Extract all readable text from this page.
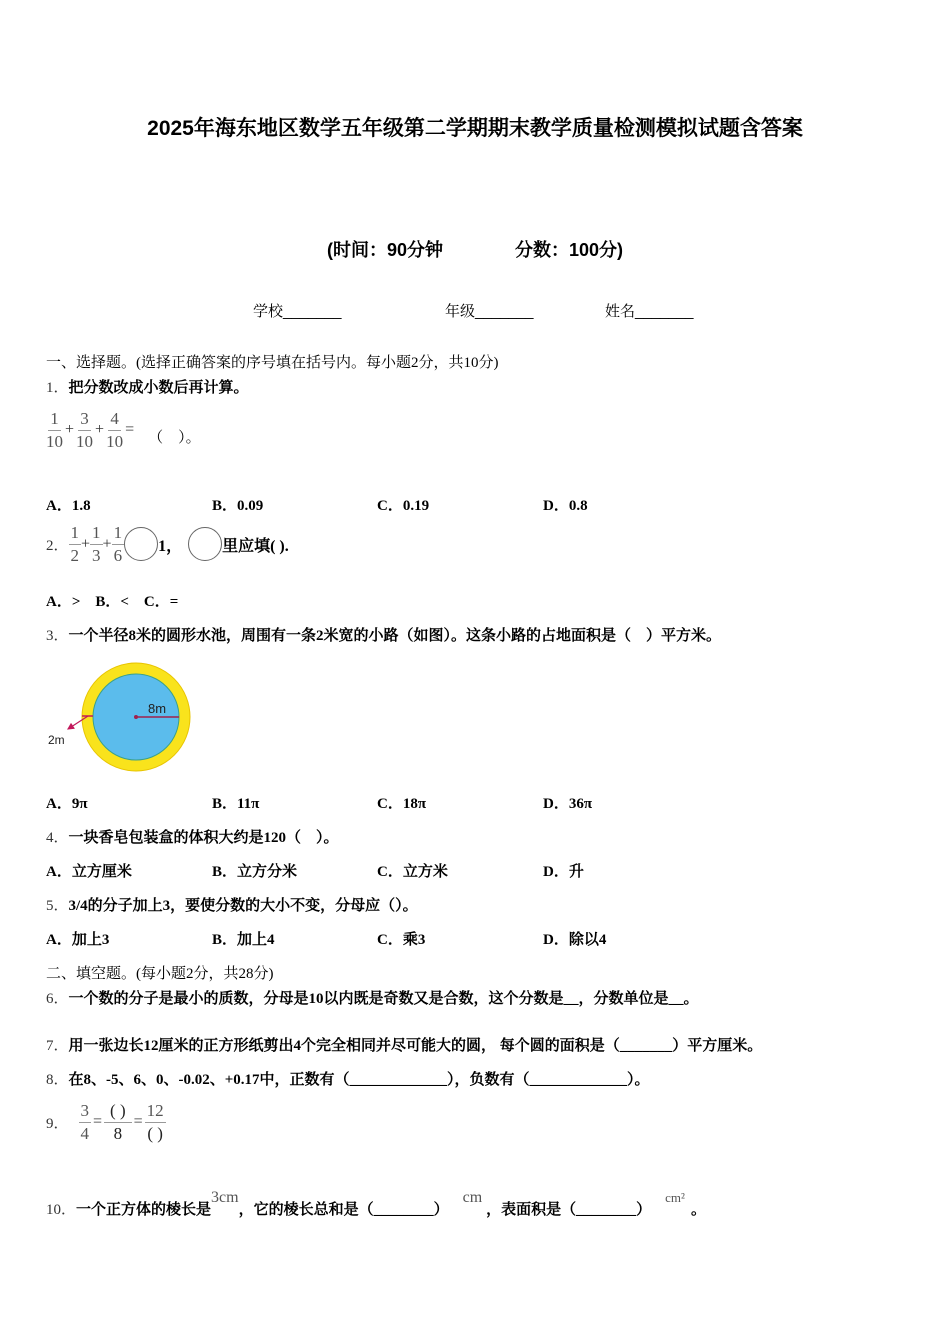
2025年海东地区数学五年级第二学期期末教学质量检测模拟试题含答案
(时间：90分钟	分数：100分)
学校_______	年级_______	姓名_______
一、选择题。(选择正确答案的序号填在括号内。每小题2分，共10分)
1．把分数改成小数后再计算。
$\frac{1}{10} + \frac{3}{10} + \frac{4}{10}$ = （　）。
A．1.8	B．0.09	C．0.19	D．0.8
2． $\frac{1}{2} + \frac{1}{3} + \frac{1}{6} 1$，	里应填( ).
A．>　B．<　C．=
3．一个半径8米的圆形水池，周围有一条2米宽的小路（如图）。这条小路的占地面积是（　）平方米。
8m
2m
A．9π	B．11π	C．18π	D．36π
4．一块香皂包装盒的体积大约是120（　）。
A．立方厘米	B．立方分米	C．立方米	D．升
5．3/4的分子加上3，要使分数的大小不变，分母应（）。
A．加上3	B．加上4	C．乘3	D．除以4
二、填空题。(每小题2分，共28分)
6．一个数的分子是最小的质数，分母是10以内既是奇数又是合数，这个分数是__，分数单位是__。
7．用一张边长12厘米的正方形纸剪出4个完全相同并尽可能大的圆， 每个圆的面积是（_______）平方厘米。
8．在8、-5、6、0、-0.02、+0.17中，正数有（_____________），负数有（_____________）。
9． $\frac{3}{4} = \frac{( )}{8} = \frac{12}{( )}$
10．一个正方体的棱长是3cm，它的棱长总和是（________）cm，表面积是（________）cm²。
